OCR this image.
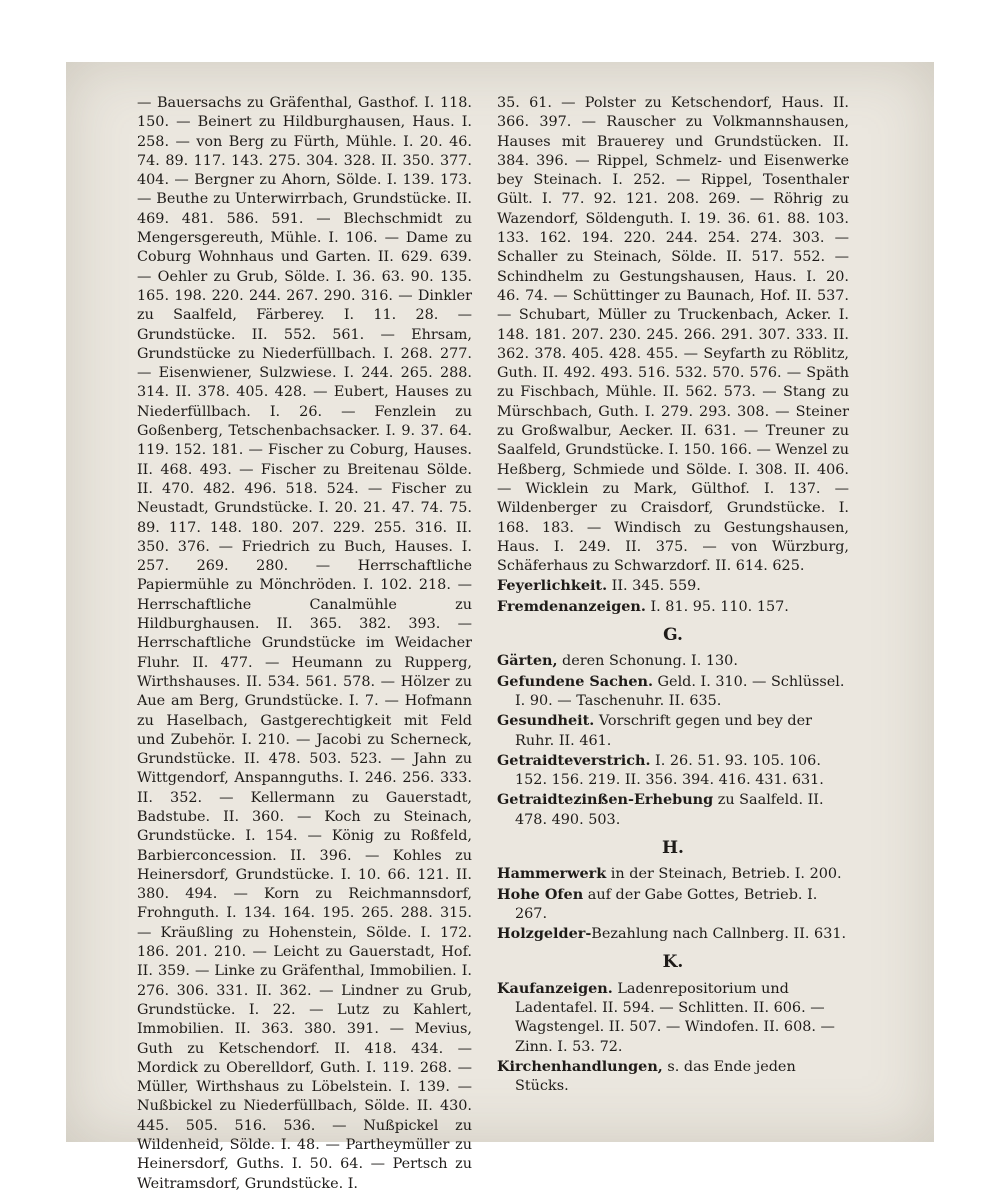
— Bauersachs zu Gräfenthal, Gasthof. I. 118. 150. — Beinert zu Hildburghausen, Haus. I. 258. — von Berg zu Fürth, Mühle. I. 20. 46. 74. 89. 117. 143. 275. 304. 328. II. 350. 377. 404. — Bergner zu Ahorn, Sölde. I. 139. 173. — Beuthe zu Unterwirrbach, Grundstücke. II. 469. 481. 586. 591. — Blechschmidt zu Mengersgereuth, Mühle. I. 106. — Dame zu Coburg Wohnhaus und Garten. II. 629. 639. — Oehler zu Grub, Sölde. I. 36. 63. 90. 135. 165. 198. 220. 244. 267. 290. 316. — Dinkler zu Saalfeld, Färberey. I. 11. 28. — Grundstücke. II. 552. 561. — Ehrsam, Grundstücke zu Niederfüllbach. I. 268. 277. — Eisenwiener, Sulzwiese. I. 244. 265. 288. 314. II. 378. 405. 428. — Eubert, Hauses zu Niederfüllbach. I. 26. — Fenzlein zu Goßenberg, Tetschenbachsacker. I. 9. 37. 64. 119. 152. 181. — Fischer zu Coburg, Hauses. II. 468. 493. — Fischer zu Breitenau Sölde. II. 470. 482. 496. 518. 524. — Fischer zu Neustadt, Grundstücke. I. 20. 21. 47. 74. 75. 89. 117. 148. 180. 207. 229. 255. 316. II. 350. 376. — Friedrich zu Buch, Hauses. I. 257. 269. 280. — Herrschaftliche Papiermühle zu Mönchröden. I. 102. 218. — Herrschaftliche Canalmühle zu Hildburghausen. II. 365. 382. 393. — Herrschaftliche Grundstücke im Weidacher Fluhr. II. 477. — Heumann zu Rupperg, Wirthshauses. II. 534. 561. 578. — Hölzer zu Aue am Berg, Grundstücke. I. 7. — Hofmann zu Haselbach, Gastgerechtigkeit mit Feld und Zubehör. I. 210. — Jacobi zu Scherneck, Grundstücke. II. 478. 503. 523. — Jahn zu Wittgendorf, Anspannguths. I. 246. 256. 333. II. 352. — Kellermann zu Gauerstadt, Badstube. II. 360. — Koch zu Steinach, Grundstücke. I. 154. — König zu Roßfeld, Barbierconcession. II. 396. — Kohles zu Heinersdorf, Grundstücke. I. 10. 66. 121. II. 380. 494. — Korn zu Reichmannsdorf, Frohnguth. I. 134. 164. 195. 265. 288. 315. — Kräußling zu Hohenstein, Sölde. I. 172. 186. 201. 210. — Leicht zu Gauerstadt, Hof. II. 359. — Linke zu Gräfenthal, Immobilien. I. 276. 306. 331. II. 362. — Lindner zu Grub, Grundstücke. I. 22. — Lutz zu Kahlert, Immobilien. II. 363. 380. 391. — Mevius, Guth zu Ketschendorf. II. 418. 434. — Mordick zu Oberelldorf, Guth. I. 119. 268. — Müller, Wirthshaus zu Löbelstein. I. 139. — Nußbickel zu Niederfüllbach, Sölde. II. 430. 445. 505. 516. 536. — Nußpickel zu Wildenheid, Sölde. I. 48. — Partheymüller zu Heinersdorf, Guths. I. 50. 64. — Pertsch zu Weitramsdorf, Grundstücke. I.

35. 61. — Polster zu Ketschendorf, Haus. II. 366. 397. — Rauscher zu Volkmannshausen, Hauses mit Brauerey und Grundstücken. II. 384. 396. — Rippel, Schmelz- und Eisenwerke bey Steinach. I. 252. — Rippel, Tosenthaler Gült. I. 77. 92. 121. 208. 269. — Röhrig zu Wazendorf, Söldenguth. I. 19. 36. 61. 88. 103. 133. 162. 194. 220. 244. 254. 274. 303. — Schaller zu Steinach, Sölde. II. 517. 552. — Schindhelm zu Gestungshausen, Haus. I. 20. 46. 74. — Schüttinger zu Baunach, Hof. II. 537. — Schubart, Müller zu Truckenbach, Acker. I. 148. 181. 207. 230. 245. 266. 291. 307. 333. II. 362. 378. 405. 428. 455. — Seyfarth zu Röblitz, Guth. II. 492. 493. 516. 532. 570. 576. — Späth zu Fischbach, Mühle. II. 562. 573. — Stang zu Mürschbach, Guth. I. 279. 293. 308. — Steiner zu Großwalbur, Aecker. II. 631. — Treuner zu Saalfeld, Grundstücke. I. 150. 166. — Wenzel zu Heßberg, Schmiede und Sölde. I. 308. II. 406. — Wicklein zu Mark, Gülthof. I. 137. — Wildenberger zu Craisdorf, Grundstücke. I. 168. 183. — Windisch zu Gestungshausen, Haus. I. 249. II. 375. — von Würzburg, Schäferhaus zu Schwarzdorf. II. 614. 625.

Feyerlichkeit. II. 345. 559.

Fremdenanzeigen. I. 81. 95. 110. 157.

G.

Gärten, deren Schonung. I. 130.

Gefundene Sachen. Geld. I. 310. — Schlüssel. I. 90. — Taschenuhr. II. 635.

Gesundheit. Vorschrift gegen und bey der Ruhr. II. 461.

Getraidteverstrich. I. 26. 51. 93. 105. 106. 152. 156. 219. II. 356. 394. 416. 431. 631.

Getraidtezinßen-Erhebung zu Saalfeld. II. 478. 490. 503.

H.

Hammerwerk in der Steinach, Betrieb. I. 200.

Hohe Ofen auf der Gabe Gottes, Betrieb. I. 267.

Holzgelder-Bezahlung nach Callnberg. II. 631.

K.

Kaufanzeigen. Ladenrepositorium und Ladentafel. II. 594. — Schlitten. II. 606. — Wagstengel. II. 507. — Windofen. II. 608. — Zinn. I. 53. 72.

Kirchenhandlungen, s. das Ende jeden Stücks.
